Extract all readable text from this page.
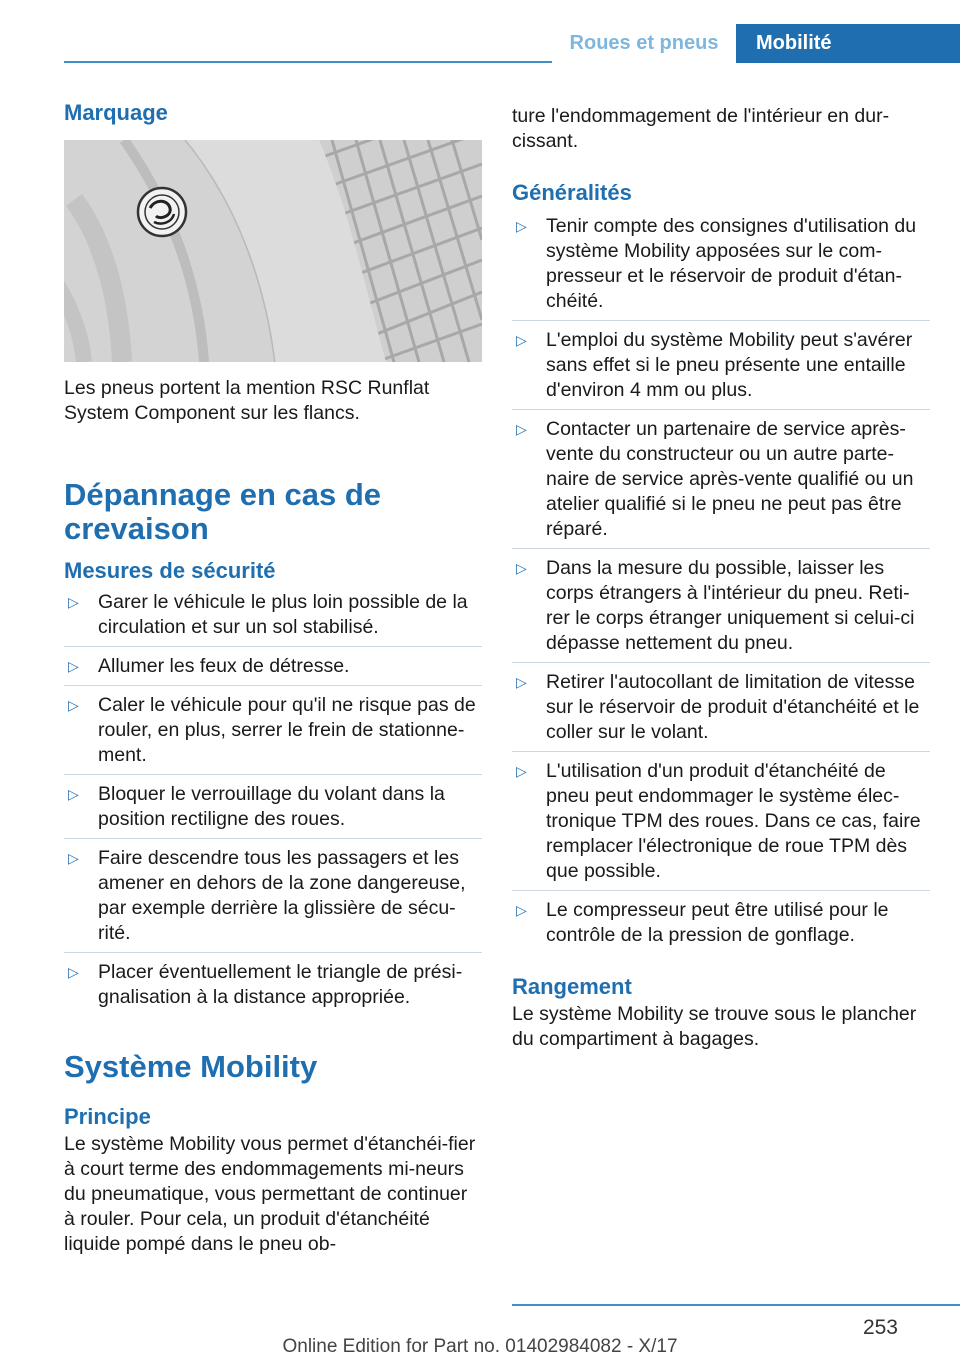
Roues et pneus	Mobilité
Marquage

Les pneus portent la mention RSC Runflat System Component sur les flancs.

Dépannage en cas de crevaison
Mesures de sécurité
▷ Garer le véhicule le plus loin possible de la circulation et sur un sol stabilisé.
▷ Allumer les feux de détresse.
▷ Caler le véhicule pour qu'il ne risque pas de rouler, en plus, serrer le frein de stationne-ment.
▷ Bloquer le verrouillage du volant dans la position rectiligne des roues.
▷ Faire descendre tous les passagers et les amener en dehors de la zone dangereuse, par exemple derrière la glissière de sécu-rité.
▷ Placer éventuellement le triangle de prési-gnalisation à la distance appropriée.
Système Mobility
Principe

Le système Mobility vous permet d'étanchéi-fier à court terme des endommagements mi-neurs du pneumatique, vous permettant de continuer à rouler. Pour cela, un produit d'étanchéité liquide pompé dans le pneu ob-

ture l'endommagement de l'intérieur en dur-cissant.

Généralités
▷ Tenir compte des consignes d'utilisation du système Mobility apposées sur le com-presseur et le réservoir de produit d'étan-chéité.
▷ L'emploi du système Mobility peut s'avérer sans effet si le pneu présente une entaille d'environ 4 mm ou plus.
▷ Contacter un partenaire de service après-vente du constructeur ou un autre parte-naire de service après-vente qualifié ou un atelier qualifié si le pneu ne peut pas être réparé.
▷ Dans la mesure du possible, laisser les corps étrangers à l'intérieur du pneu. Reti-rer le corps étranger uniquement si celui-ci dépasse nettement du pneu.
▷ Retirer l'autocollant de limitation de vitesse sur le réservoir de produit d'étanchéité et le coller sur le volant.
▷ L'utilisation d'un produit d'étanchéité de pneu peut endommager le système élec-tronique TPM des roues. Dans ce cas, faire remplacer l'électronique de roue TPM dès que possible.
▷ Le compresseur peut être utilisé pour le contrôle de la pression de gonflage.
Rangement

Le système Mobility se trouve sous le plancher du compartiment à bagages.

253
Online Edition for Part no. 01402984082 - X/17
